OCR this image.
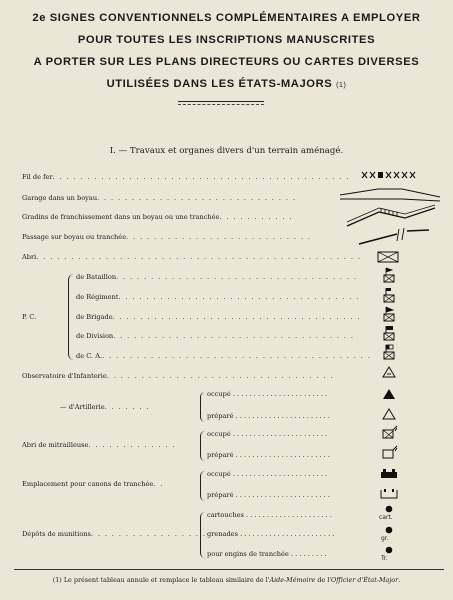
2e SIGNES CONVENTIONNELS COMPLÉMENTAIRES A EMPLOYER
POUR TOUTES LES INSCRIPTIONS MANUSCRITES
A PORTER SUR LES PLANS DIRECTEURS OU CARTES DIVERSES
UTILISÉES DANS LES ÉTATS-MAJORS (1)
I. — Travaux et organes divers d'un terrain aménagé.
Fil de fer. . . . . . . . . . . . . . . . . . . . . . . . . . . . . . . . . . . . . . . . . . .
Garage dans un boyau. . . . . . . . . . . . . . . . . . . . . . . . . . . . .
Gradins de franchissement dans un boyau ou une tranchée. . . . . . . . . . .
Passage sur boyau ou tranchée. . . . . . . . . . . . . . . . . . . . . . . . . . .
Abri. . . . . . . . . . . . . . . . . . . . . . . . . . . . . . . . . . . . . . . . . . . . . . .
P. C.
de Bataillon. . . . . . . . . . . . . . . . . . . . . . . . . . . . . . . . . . .
de Régiment. . . . . . . . . . . . . . . . . . . . . . . . . . . . . . . . . . .
de Brigade. . . . . . . . . . . . . . . . . . . . . . . . . . . . . . . . . . . .
de Division. . . . . . . . . . . . . . . . . . . . . . . . . . . . . . . . . . .
de C. A.. . . . . . . . . . . . . . . . . . . . . . . . . . . . . . . . . . . . . . .
Observatoire d'Infanterie. . . . . . . . . . . . . . . . . . . . . . . . . . . . . . . . .
— d'Artillerie. . . . . . .
occupé . . . . . . . . . . . . . . . . . . . . . . .
préparé . . . . . . . . . . . . . . . . . . . . . . .
Abri de mitrailleuse. . . . . . . . . . . . .
occupé . . . . . . . . . . . . . . . . . . . . . . .
préparé . . . . . . . . . . . . . . . . . . . . . . .
Emplacement pour canons de tranchée. .
occupé . . . . . . . . . . . . . . . . . . . . . . .
préparé . . . . . . . . . . . . . . . . . . . . . . .
Dépôts de munitions. . . . . . . . . . . . . . . . .
cartouches . . . . . . . . . . . . . . . . . . . . .
grenades . . . . . . . . . . . . . . . . . . . . . . .
pour engins de tranchée . . . . . . . . .
cart.
gr.
Tr.
(1) Le présent tableau annule et remplace le tableau similaire de l'Aide-Mémoire de l'Officier d'État-Major.
